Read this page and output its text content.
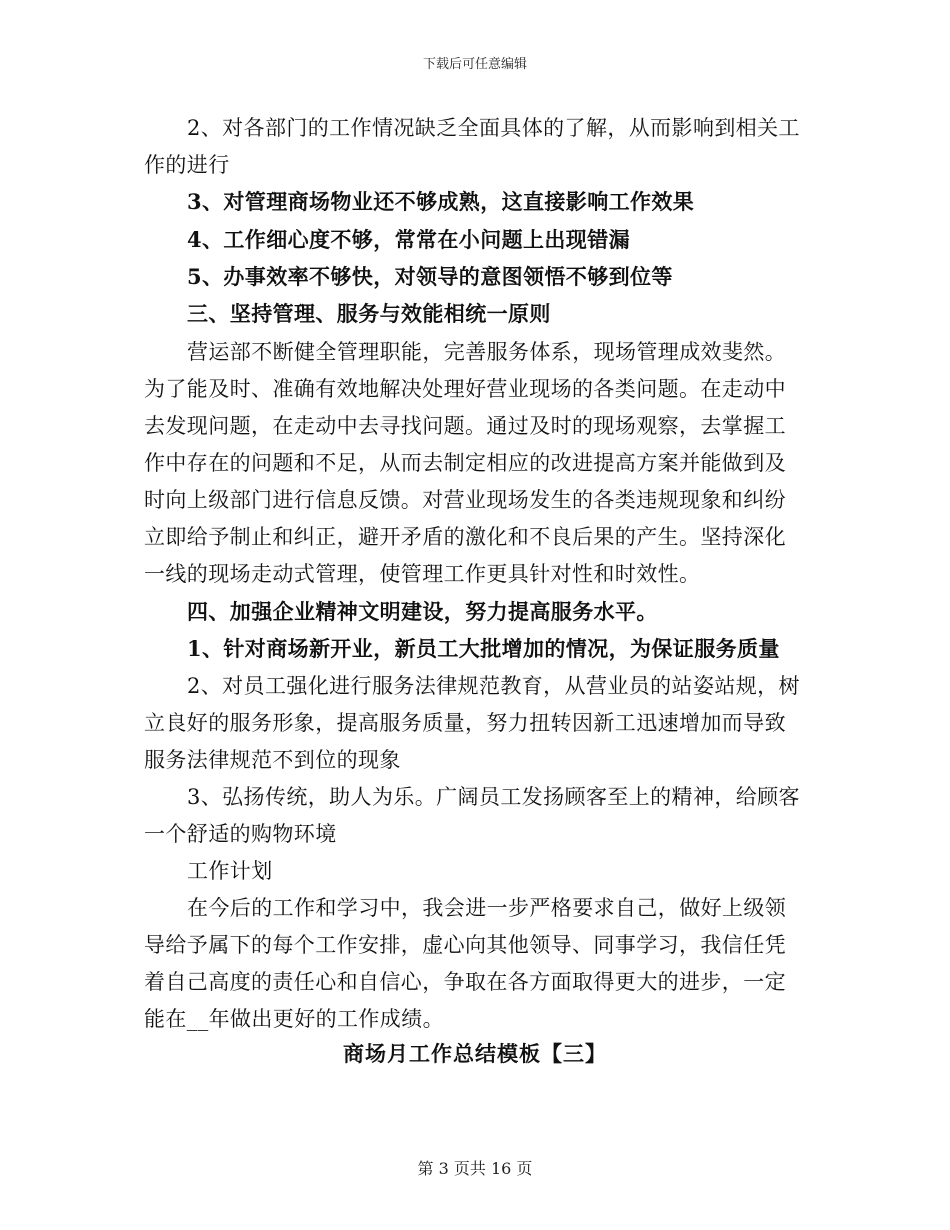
下载后可任意编辑
2、对各部门的工作情况缺乏全面具体的了解，从而影响到相关工
作的进行
3、对管理商场物业还不够成熟，这直接影响工作效果
4、工作细心度不够，常常在小问题上出现错漏
5、办事效率不够快，对领导的意图领悟不够到位等
三、坚持管理、服务与效能相统一原则
营运部不断健全管理职能，完善服务体系，现场管理成效斐然。
为了能及时、准确有效地解决处理好营业现场的各类问题。在走动中
去发现问题，在走动中去寻找问题。通过及时的现场观察，去掌握工
作中存在的问题和不足，从而去制定相应的改进提高方案并能做到及
时向上级部门进行信息反馈。对营业现场发生的各类违规现象和纠纷
立即给予制止和纠正，避开矛盾的激化和不良后果的产生。坚持深化
一线的现场走动式管理，使管理工作更具针对性和时效性。
四、加强企业精神文明建设，努力提高服务水平。
1、针对商场新开业，新员工大批增加的情况，为保证服务质量
2、对员工强化进行服务法律规范教育，从营业员的站姿站规，树
立良好的服务形象，提高服务质量，努力扭转因新工迅速增加而导致
服务法律规范不到位的现象
3、弘扬传统，助人为乐。广阔员工发扬顾客至上的精神，给顾客
一个舒适的购物环境
工作计划
在今后的工作和学习中，我会进一步严格要求自己，做好上级领
导给予属下的每个工作安排，虚心向其他领导、同事学习，我信任凭
着自己高度的责任心和自信心，争取在各方面取得更大的进步，一定
能在__年做出更好的工作成绩。
商场月工作总结模板【三】
第 3 页共 16 页
